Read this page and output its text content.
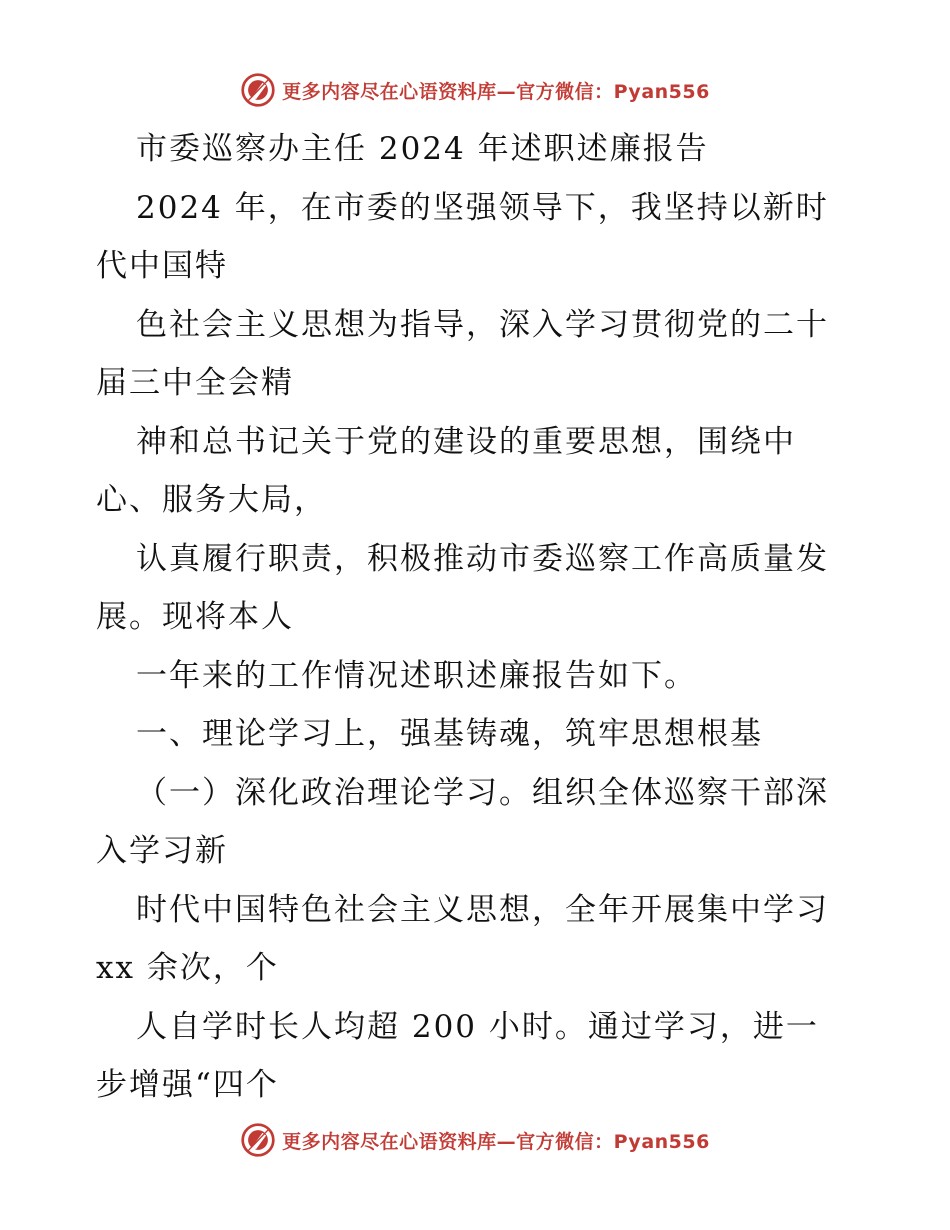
更多内容尽在心语资料库—官方微信：Pyan556
市委巡察办主任 2024 年述职述廉报告
2024 年，在市委的坚强领导下，我坚持以新时
代中国特
色社会主义思想为指导，深入学习贯彻党的二十
届三中全会精
神和总书记关于党的建设的重要思想，围绕中
心、服务大局，
认真履行职责，积极推动市委巡察工作高质量发
展。现将本人
一年来的工作情况述职述廉报告如下。
一、理论学习上，强基铸魂，筑牢思想根基
（一）深化政治理论学习。组织全体巡察干部深
入学习新
时代中国特色社会主义思想，全年开展集中学习
xx 余次，个
人自学时长人均超 200 小时。通过学习，进一
步增强“四个
更多内容尽在心语资料库—官方微信：Pyan556
